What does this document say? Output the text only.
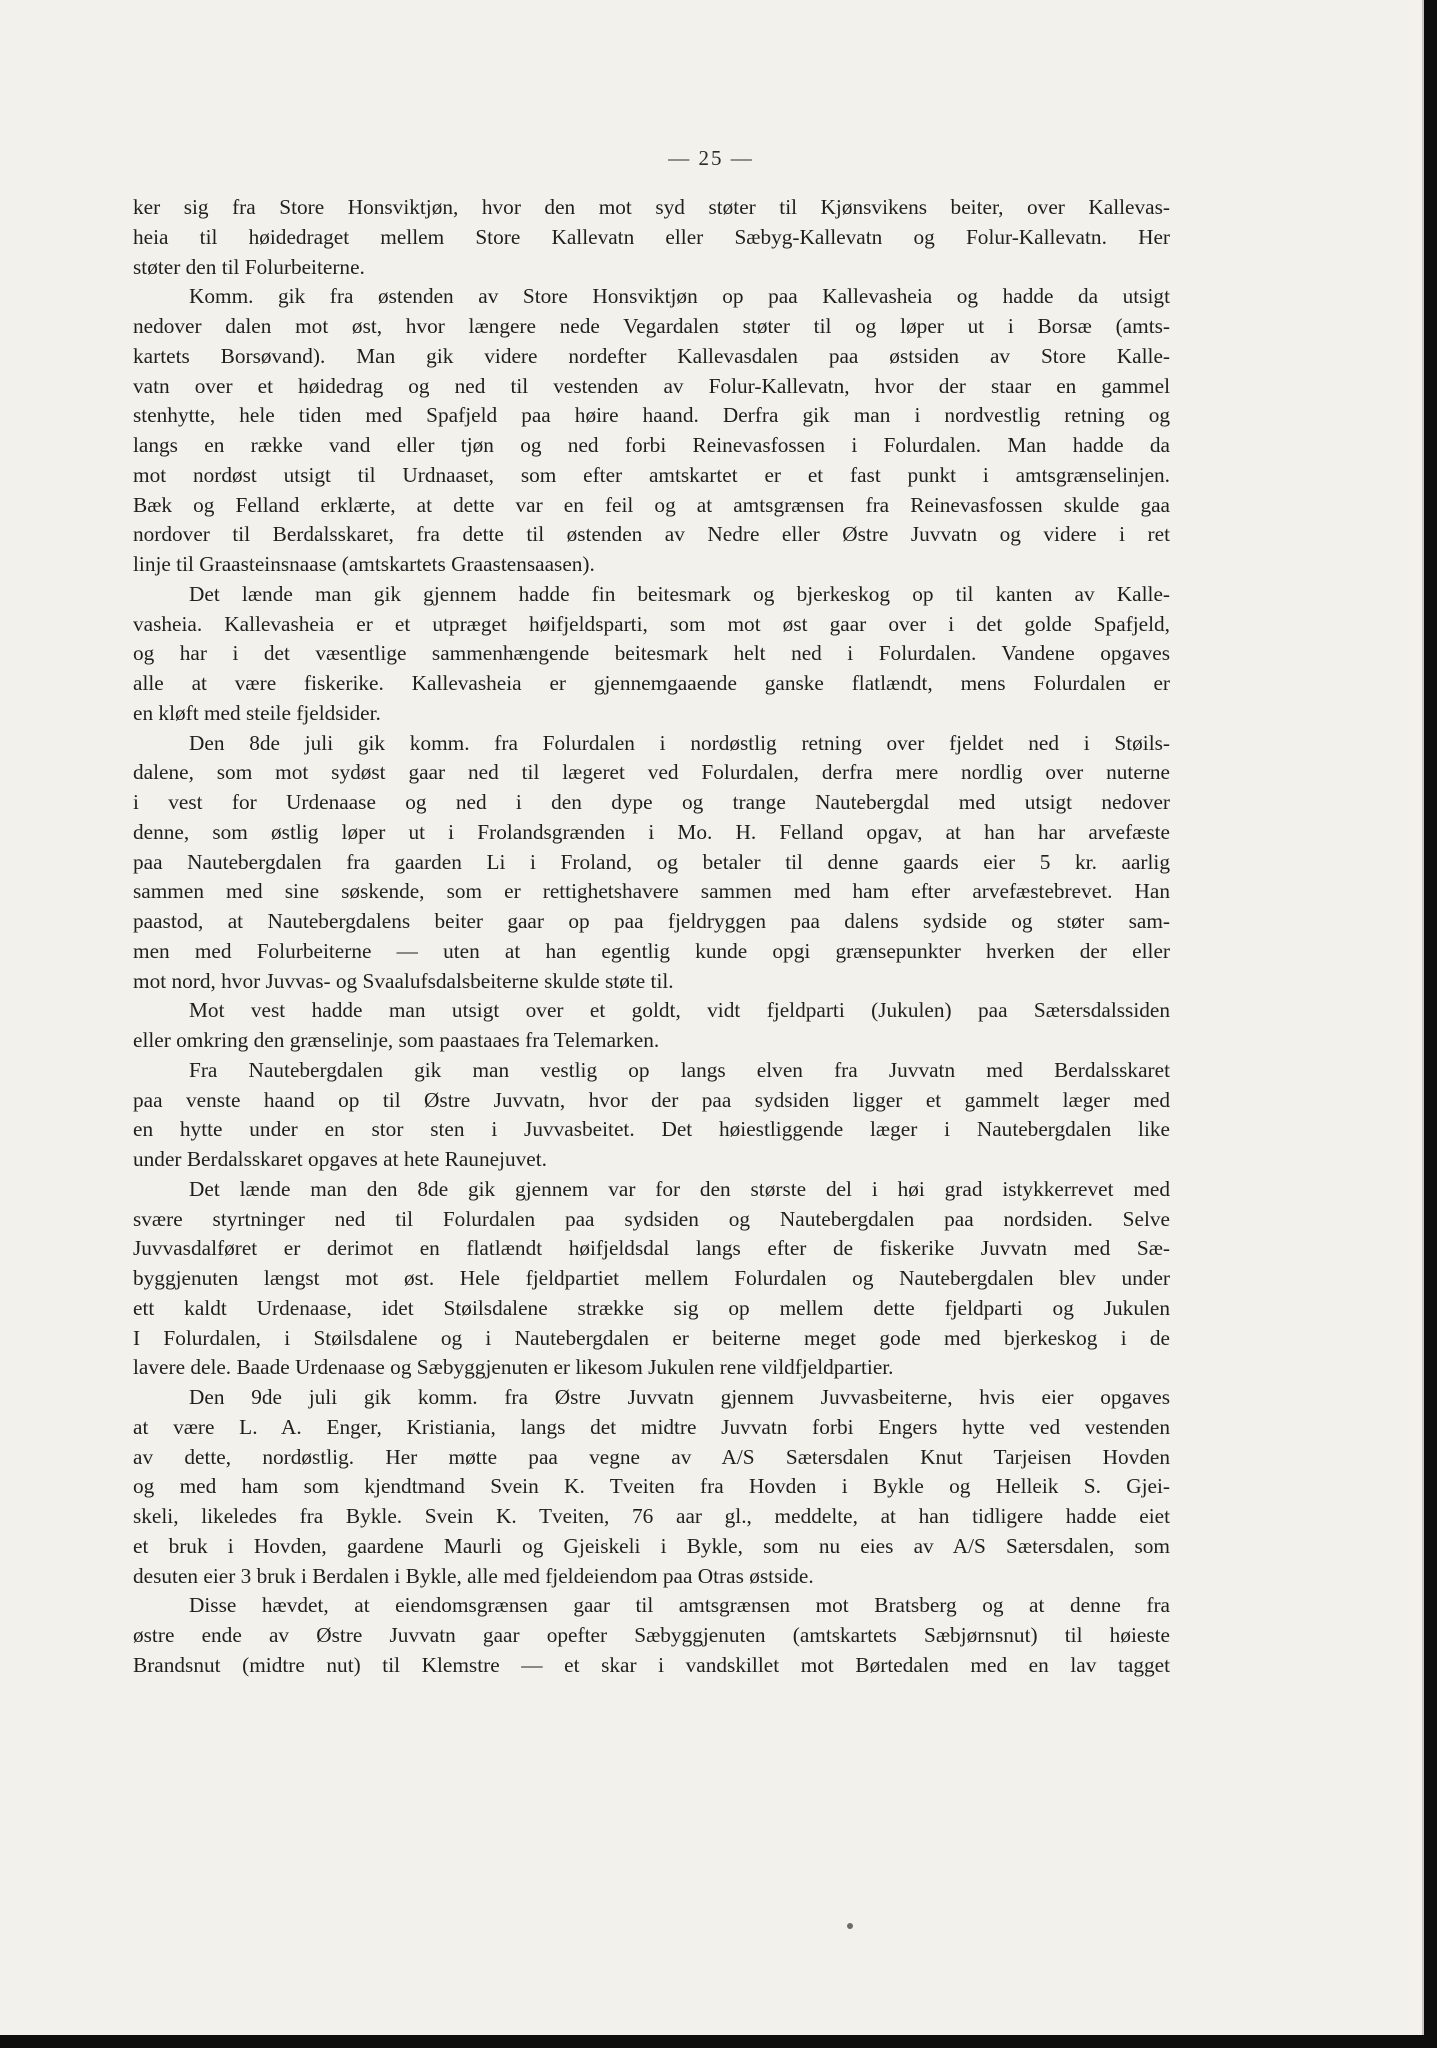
— 25 —
ker sig fra Store Honsviktjøn, hvor den mot syd støter til Kjønsvikens beiter, over Kallevas-
heia til høidedraget mellem Store Kallevatn eller Sæbyg-Kallevatn og Folur-Kallevatn. Her
støter den til Folurbeiterne.
Komm. gik fra østenden av Store Honsviktjøn op paa Kallevasheia og hadde da utsigt
nedover dalen mot øst, hvor længere nede Vegardalen støter til og løper ut i Borsæ (amts-
kartets Borsøvand). Man gik videre nordefter Kallevasdalen paa østsiden av Store Kalle-
vatn over et høidedrag og ned til vestenden av Folur-Kallevatn, hvor der staar en gammel
stenhytte, hele tiden med Spafjeld paa høire haand. Derfra gik man i nordvestlig retning og
langs en række vand eller tjøn og ned forbi Reinevasfossen i Folurdalen. Man hadde da
mot nordøst utsigt til Urdnaaset, som efter amtskartet er et fast punkt i amtsgrænselinjen.
Bæk og Felland erklærte, at dette var en feil og at amtsgrænsen fra Reinevasfossen skulde gaa
nordover til Berdalsskaret, fra dette til østenden av Nedre eller Østre Juvvatn og videre i ret
linje til Graasteinsnaase (amtskartets Graastensaasen).
Det lænde man gik gjennem hadde fin beitesmark og bjerkeskog op til kanten av Kalle-
vasheia. Kallevasheia er et utpræget høifjeldsparti, som mot øst gaar over i det golde Spafjeld,
og har i det væsentlige sammenhængende beitesmark helt ned i Folurdalen. Vandene opgaves
alle at være fiskerike. Kallevasheia er gjennemgaaende ganske flatlændt, mens Folurdalen er
en kløft med steile fjeldsider.
Den 8de juli gik komm. fra Folurdalen i nordøstlig retning over fjeldet ned i Støils-
dalene, som mot sydøst gaar ned til lægeret ved Folurdalen, derfra mere nordlig over nuterne
i vest for Urdenaase og ned i den dype og trange Nautebergdal med utsigt nedover
denne, som østlig løper ut i Frolandsgrænden i Mo. H. Felland opgav, at han har arvefæste
paa Nautebergdalen fra gaarden Li i Froland, og betaler til denne gaards eier 5 kr. aarlig
sammen med sine søskende, som er rettighetshavere sammen med ham efter arvefæstebrevet. Han
paastod, at Nautebergdalens beiter gaar op paa fjeldryggen paa dalens sydside og støter sam-
men med Folurbeiterne — uten at han egentlig kunde opgi grænsepunkter hverken der eller
mot nord, hvor Juvvas- og Svaalufsdalsbeiterne skulde støte til.
Mot vest hadde man utsigt over et goldt, vidt fjeldparti (Jukulen) paa Sætersdalssiden
eller omkring den grænselinje, som paastaaes fra Telemarken.
Fra Nautebergdalen gik man vestlig op langs elven fra Juvvatn med Berdalsskaret
paa venste haand op til Østre Juvvatn, hvor der paa sydsiden ligger et gammelt læger med
en hytte under en stor sten i Juvvasbeitet. Det høiestliggende læger i Nautebergdalen like
under Berdalsskaret opgaves at hete Raunejuvet.
Det lænde man den 8de gik gjennem var for den største del i høi grad istykkerrevet med
svære styrtninger ned til Folurdalen paa sydsiden og Nautebergdalen paa nordsiden. Selve
Juvvasdalføret er derimot en flatlændt høifjeldsdal langs efter de fiskerike Juvvatn med Sæ-
byggjenuten længst mot øst. Hele fjeldpartiet mellem Folurdalen og Nautebergdalen blev under
ett kaldt Urdenaase, idet Støilsdalene strække sig op mellem dette fjeldparti og Jukulen
I Folurdalen, i Støilsdalene og i Nautebergdalen er beiterne meget gode med bjerkeskog i de
lavere dele. Baade Urdenaase og Sæbyggjenuten er likesom Jukulen rene vildfjeldpartier.
Den 9de juli gik komm. fra Østre Juvvatn gjennem Juvvasbeiterne, hvis eier opgaves
at være L. A. Enger, Kristiania, langs det midtre Juvvatn forbi Engers hytte ved vestenden
av dette, nordøstlig. Her møtte paa vegne av A/S Sætersdalen Knut Tarjeisen Hovden
og med ham som kjendtmand Svein K. Tveiten fra Hovden i Bykle og Helleik S. Gjei-
skeli, likeledes fra Bykle. Svein K. Tveiten, 76 aar gl., meddelte, at han tidligere hadde eiet
et bruk i Hovden, gaardene Maurli og Gjeiskeli i Bykle, som nu eies av A/S Sætersdalen, som
desuten eier 3 bruk i Berdalen i Bykle, alle med fjeldeiendom paa Otras østside.
Disse hævdet, at eiendomsgrænsen gaar til amtsgrænsen mot Bratsberg og at denne fra
østre ende av Østre Juvvatn gaar opefter Sæbyggjenuten (amtskartets Sæbjørnsnut) til høieste
Brandsnut (midtre nut) til Klemstre — et skar i vandskillet mot Børtedalen med en lav tagget
